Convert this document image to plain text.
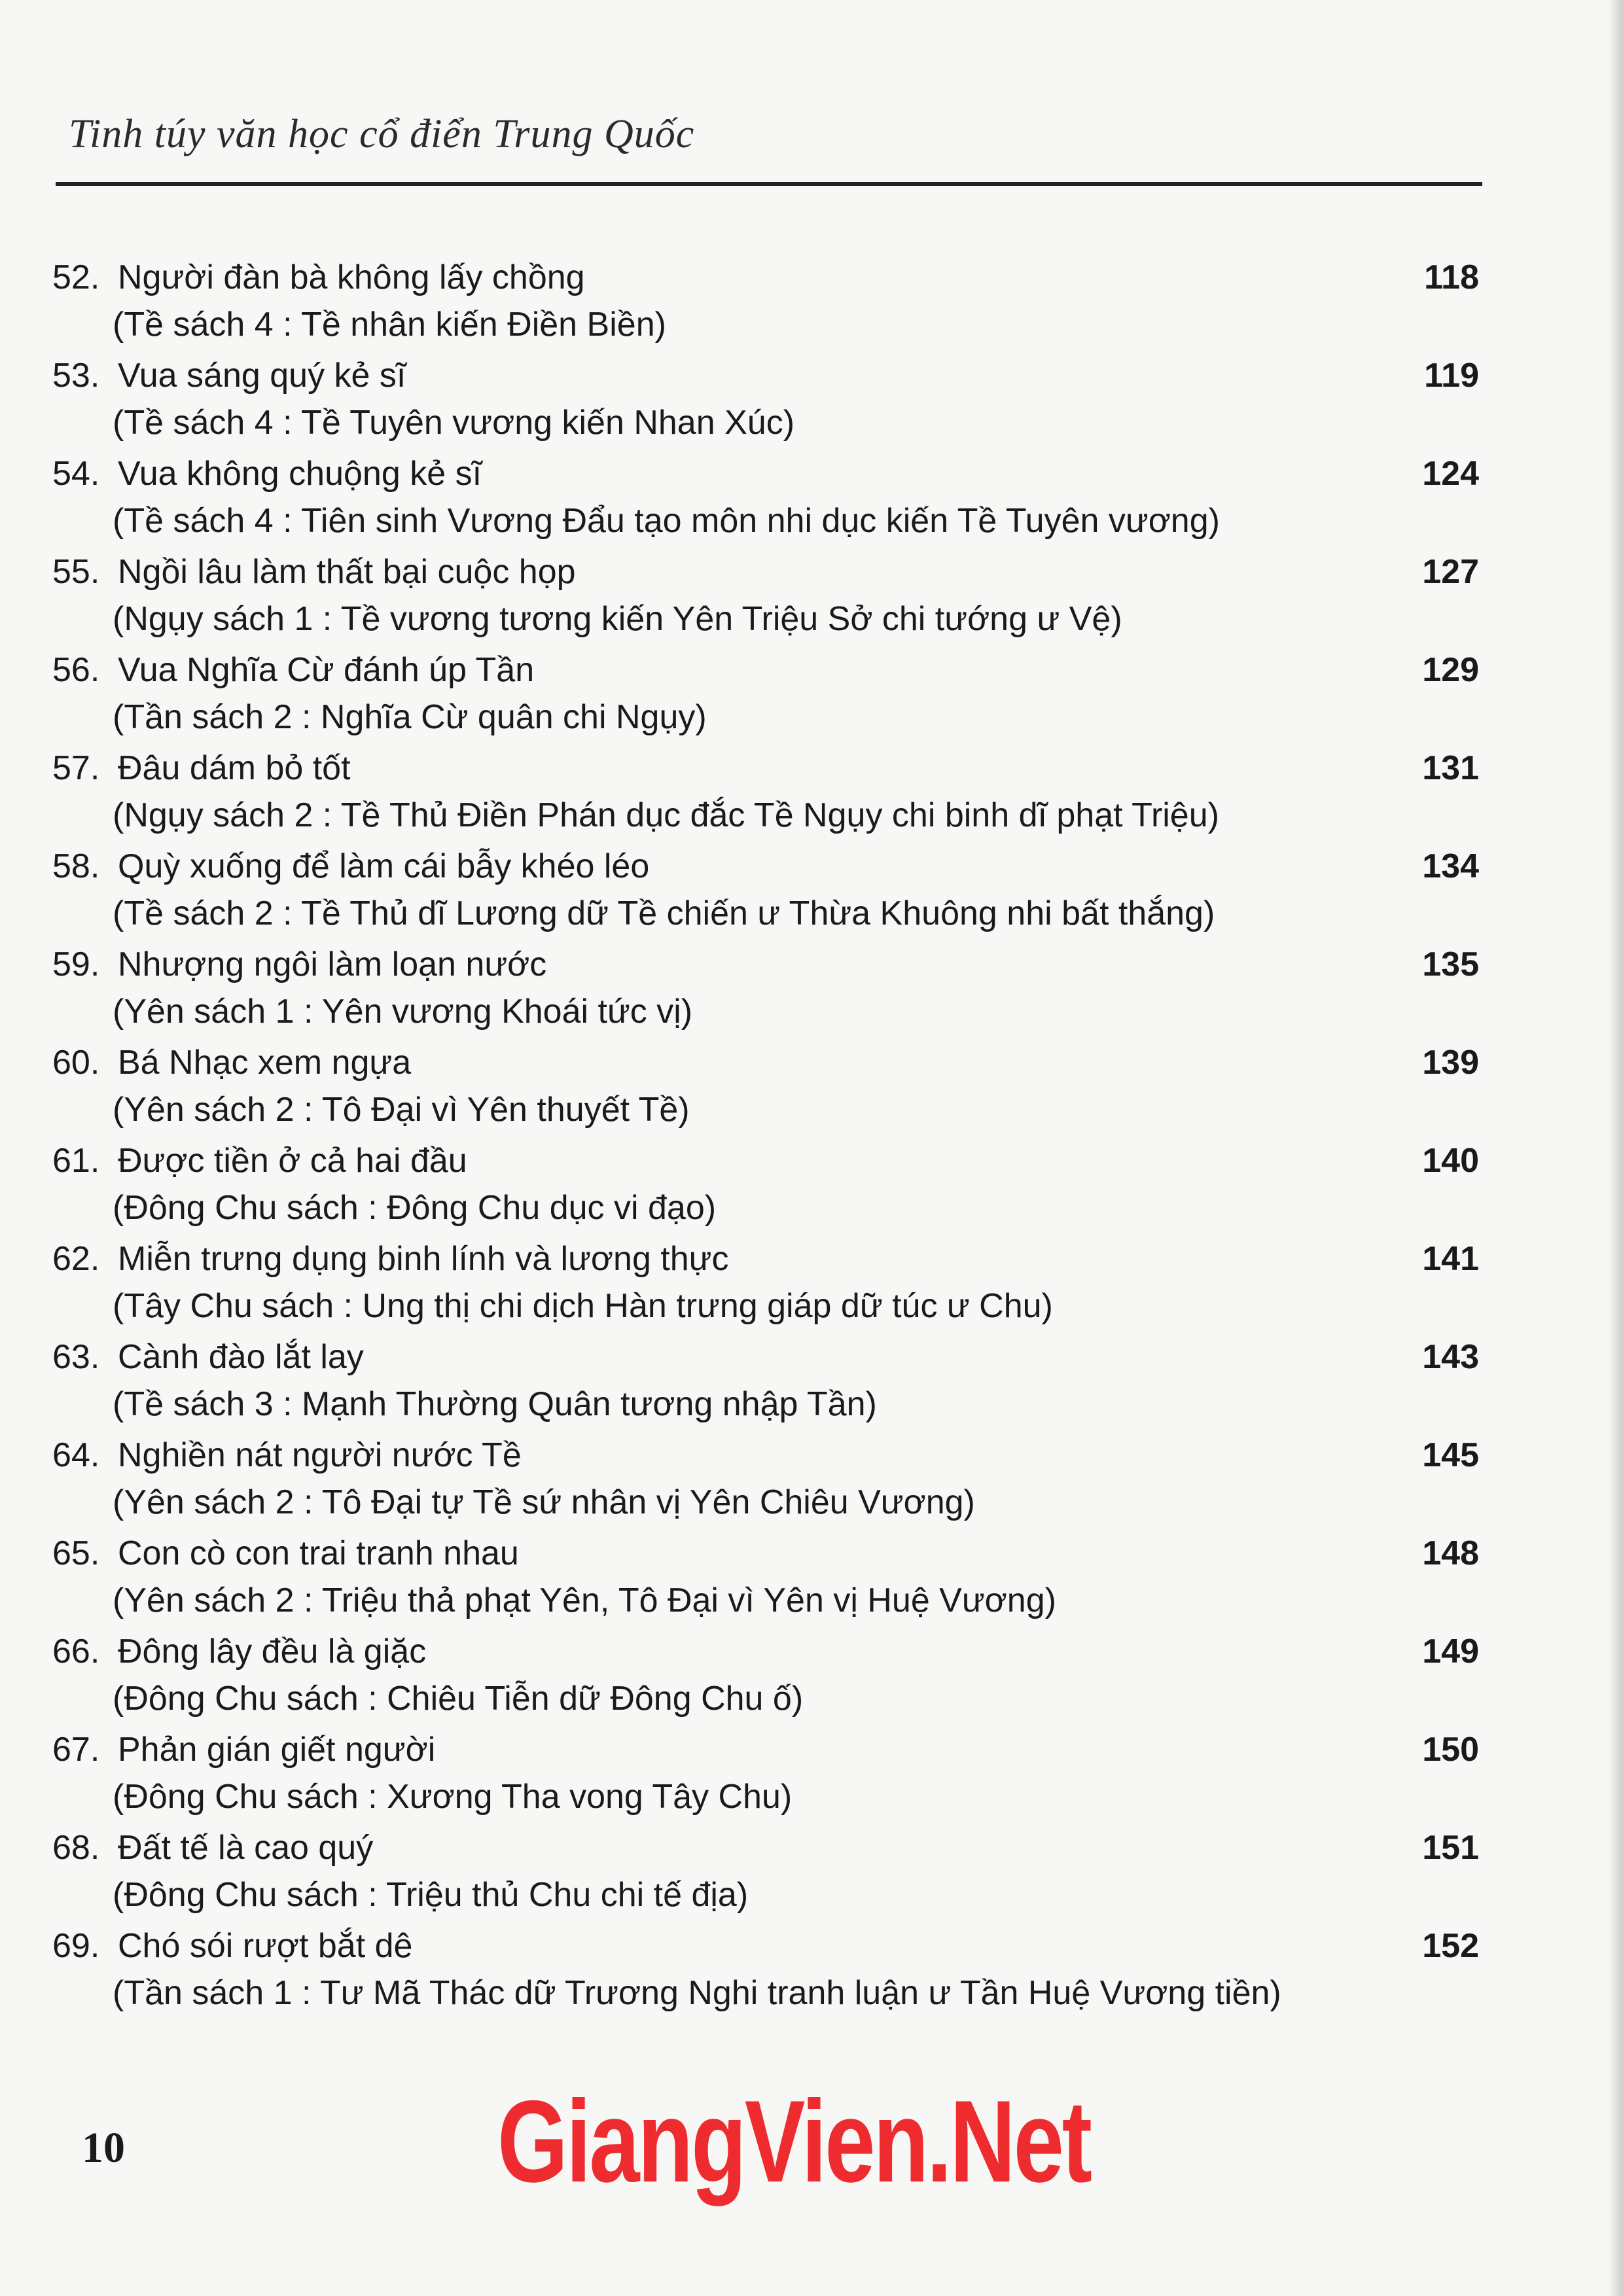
Tinh túy văn học cổ điển Trung Quốc
52. Người đàn bà không lấy chồng
(Tề sách 4 : Tề nhân kiến Điền Biền)
118
53. Vua sáng quý kẻ sĩ
(Tề sách 4 : Tề Tuyên vương kiến Nhan Xúc)
119
54. Vua không chuộng kẻ sĩ
(Tề sách 4 : Tiên sinh Vương Đẩu tạo môn nhi dục kiến Tề Tuyên vương)
124
55. Ngồi lâu làm thất bại cuộc họp
(Ngụy sách 1 : Tề vương tương kiến Yên Triệu Sở chi tướng ư Vệ)
127
56. Vua Nghĩa Cừ đánh úp Tần
(Tần sách 2 : Nghĩa Cừ quân chi Ngụy)
129
57. Đâu dám bỏ tốt
(Ngụy sách 2 : Tề Thủ Điền Phán dục đắc Tề Ngụy chi binh dĩ phạt Triệu)
131
58. Quỳ xuống để làm cái bẫy khéo léo
(Tề sách 2 : Tề Thủ dĩ Lương dữ Tề chiến ư Thừa Khuông nhi bất thắng)
134
59. Nhượng ngôi làm loạn nước
(Yên sách 1 : Yên vương Khoái tức vị)
135
60. Bá Nhạc xem ngựa
(Yên sách 2 : Tô Đại vì Yên thuyết Tề)
139
61. Được tiền ở cả hai đầu
(Đông Chu sách : Đông Chu dục vi đạo)
140
62. Miễn trưng dụng binh lính và lương thực
(Tây Chu sách : Ung thị chi dịch Hàn trưng giáp dữ túc ư Chu)
141
63. Cành đào lắt lay
(Tề sách 3 : Mạnh Thường Quân tương nhập Tần)
143
64. Nghiền nát người nước Tề
(Yên sách 2 : Tô Đại tự Tề sứ nhân vị Yên Chiêu Vương)
145
65. Con cò con trai tranh nhau
(Yên sách 2 : Triệu thả phạt Yên, Tô Đại vì Yên vị Huệ Vương)
148
66. Đông lây đều là giặc
(Đông Chu sách : Chiêu Tiễn dữ Đông Chu ố)
149
67. Phản gián giết người
(Đông Chu sách : Xương Tha vong Tây Chu)
150
68. Đất tế là cao quý
(Đông Chu sách : Triệu thủ Chu chi tế địa)
151
69. Chó sói rượt bắt dê
(Tần sách 1 : Tư Mã Thác dữ Trương Nghi tranh luận ư Tần Huệ Vương tiền)
152
10	GiangVien.Net
